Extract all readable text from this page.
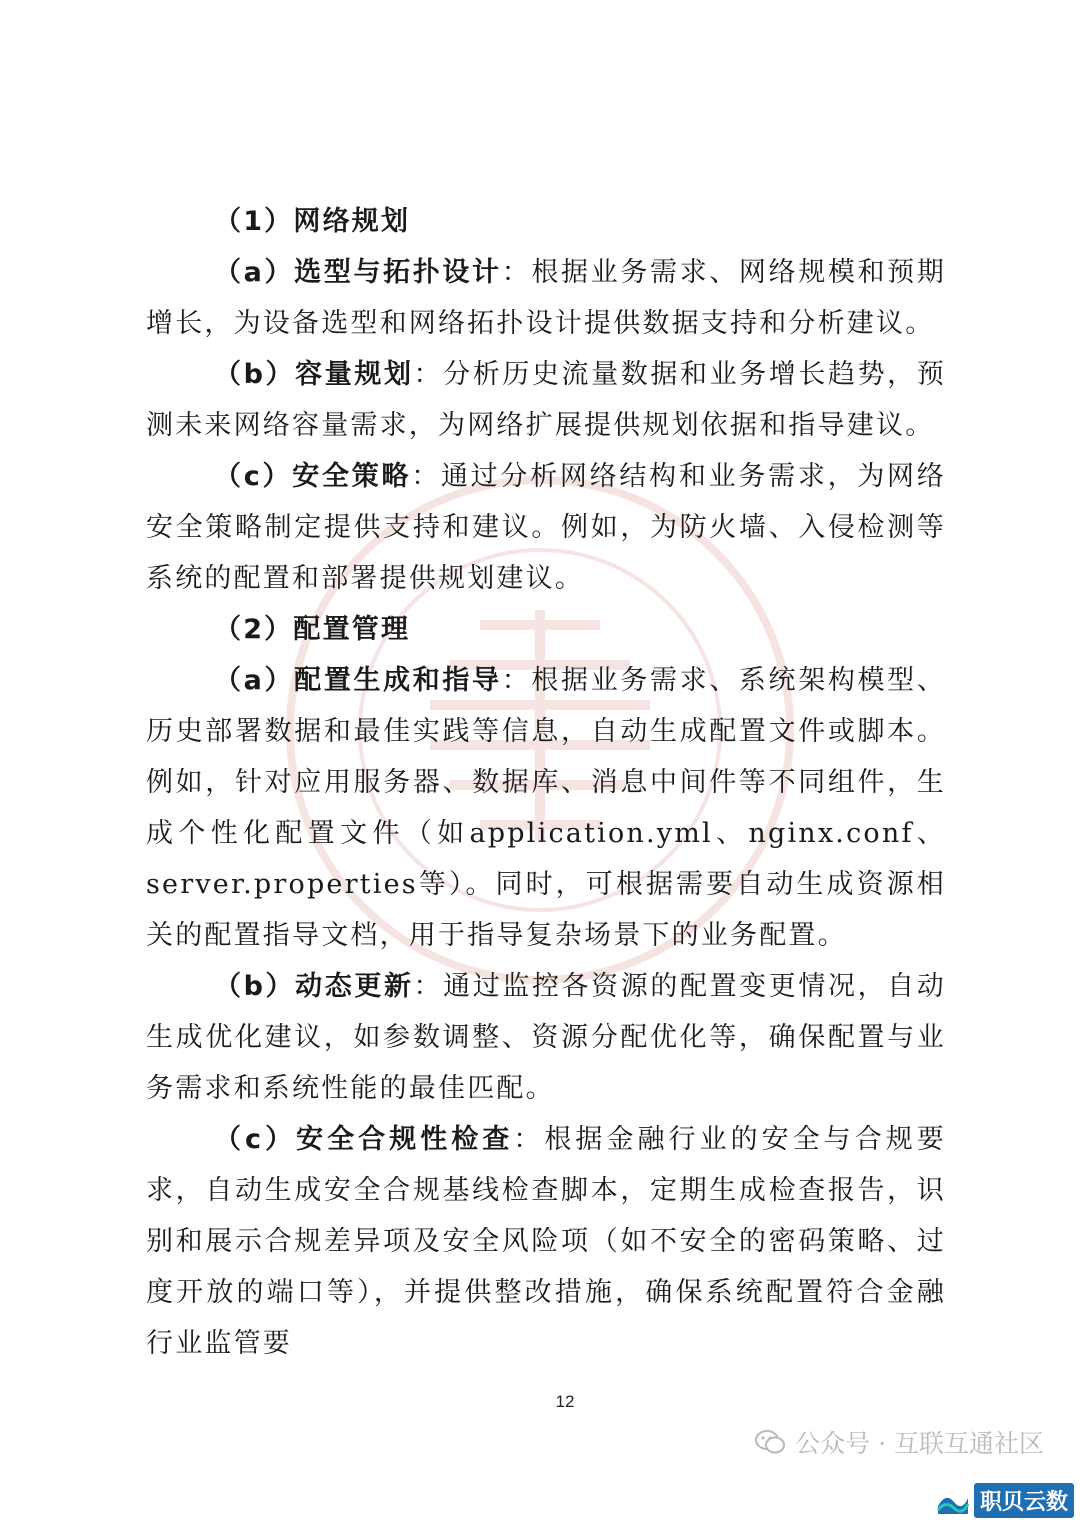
（1）网络规划

（a）选型与拓扑设计：根据业务需求、网络规模和预期增长，为设备选型和网络拓扑设计提供数据支持和分析建议。

（b）容量规划：分析历史流量数据和业务增长趋势，预测未来网络容量需求，为网络扩展提供规划依据和指导建议。

（c）安全策略：通过分析网络结构和业务需求，为网络安全策略制定提供支持和建议。例如，为防火墙、入侵检测等系统的配置和部署提供规划建议。

（2）配置管理

（a）配置生成和指导：根据业务需求、系统架构模型、历史部署数据和最佳实践等信息，自动生成配置文件或脚本。例如，针对应用服务器、数据库、消息中间件等不同组件，生成个性化配置文件（如application.yml、nginx.conf、server.properties等）。同时，可根据需要自动生成资源相关的配置指导文档，用于指导复杂场景下的业务配置。

（b）动态更新：通过监控各资源的配置变更情况，自动生成优化建议，如参数调整、资源分配优化等，确保配置与业务需求和系统性能的最佳匹配。

（c）安全合规性检查：根据金融行业的安全与合规要求，自动生成安全合规基线检查脚本，定期生成检查报告，识别和展示合规差异项及安全风险项（如不安全的密码策略、过度开放的端口等），并提供整改措施，确保系统配置符合金融行业监管要

12
公众号 · 互联互通社区
职贝云数
